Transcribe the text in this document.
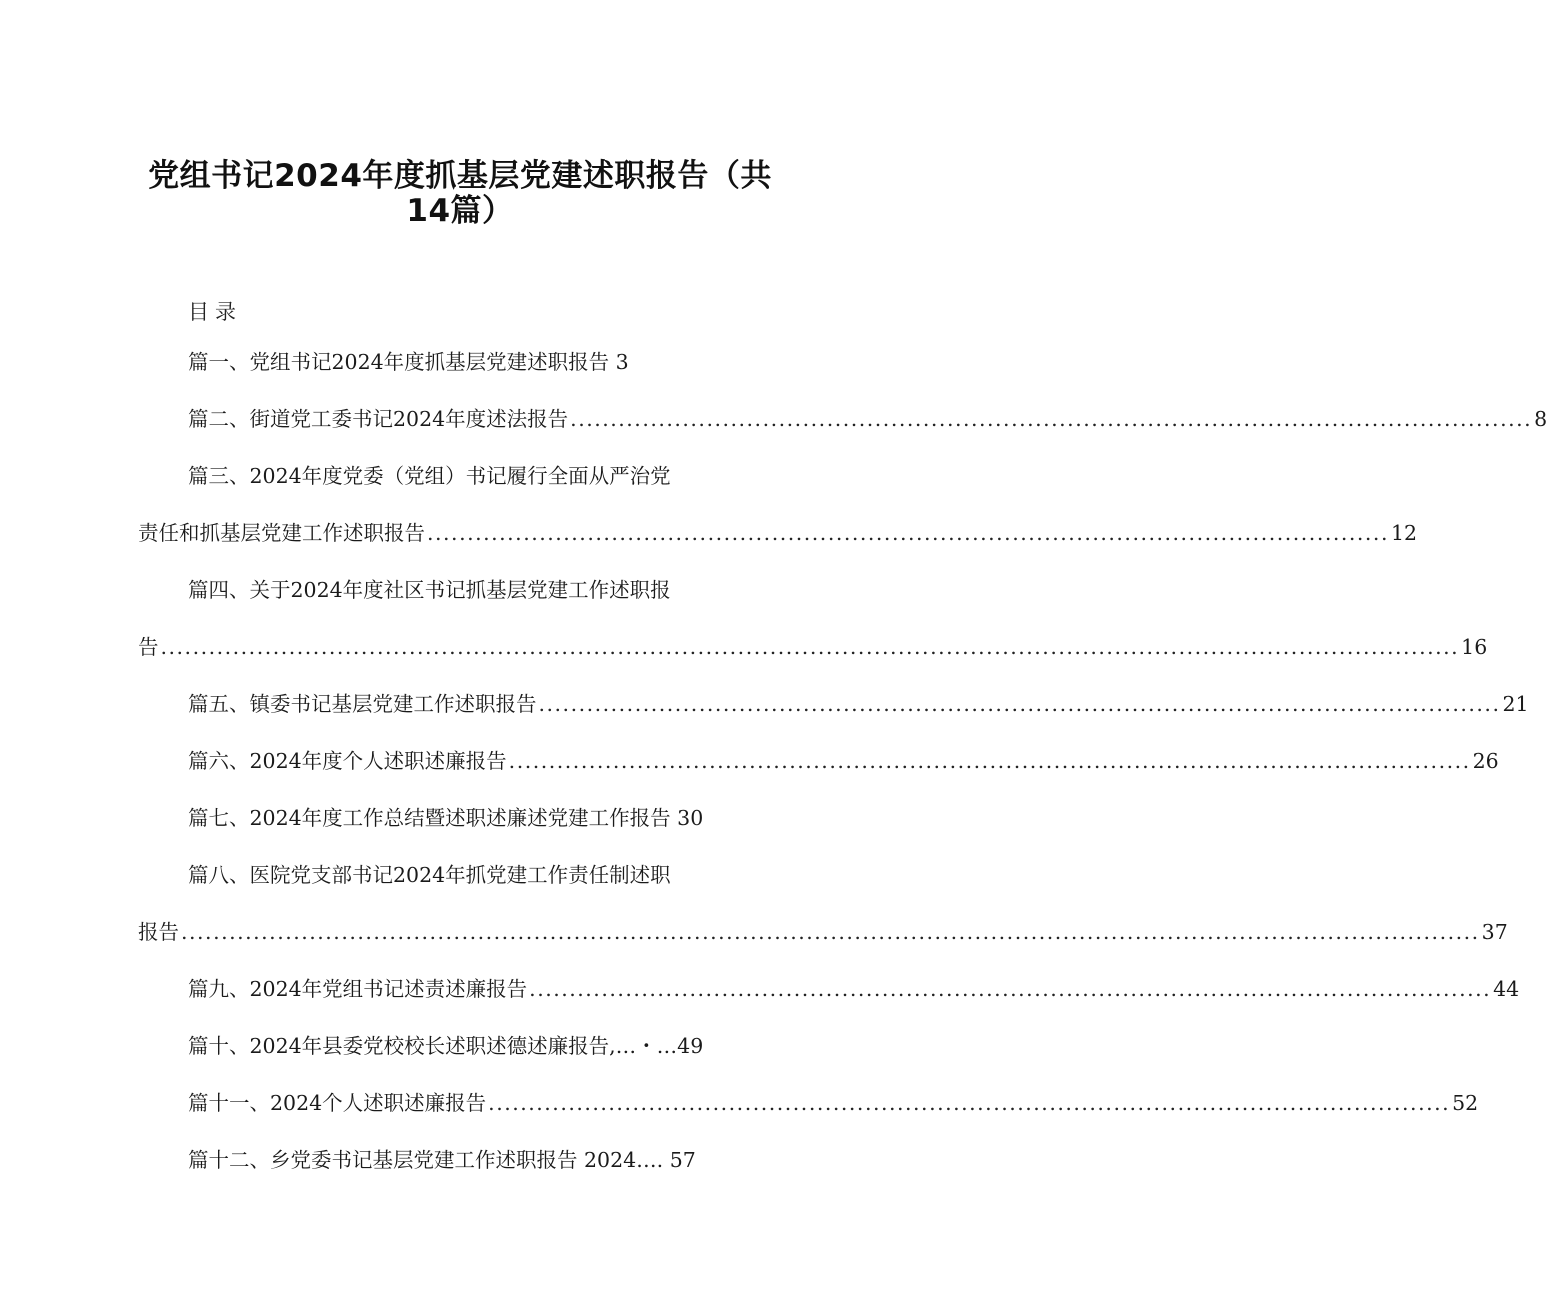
党组书记2024年度抓基层党建述职报告（共
14篇）
目录
篇一、党组书记2024年度抓基层党建述职报告 3
篇二、街道党工委书记2024年度述法报告 ........................................................................................................................ 8
篇三、2024年度党委（党组）书记履行全面从严治党
责任和抓基层党建工作述职报告 ........................................................................................................................ 12
篇四、关于2024年度社区书记抓基层党建工作述职报
告 .................................................................................................................................................................. 16
篇五、镇委书记基层党建工作述职报告 ........................................................................................................................ 21
篇六、2024年度个人述职述廉报告 ........................................................................................................................ 26
篇七、2024年度工作总结暨述职述廉述党建工作报告 30
篇八、医院党支部书记2024年抓党建工作责任制述职
报告 .................................................................................................................................................................. 37
篇九、2024年党组书记述责述廉报告 ........................................................................................................................ 44
篇十、2024年县委党校校长述职述德述廉报告,…・…49
篇十一、2024个人述职述廉报告 ........................................................................................................................ 52
篇十二、乡党委书记基层党建工作述职报告 2024…. 57
